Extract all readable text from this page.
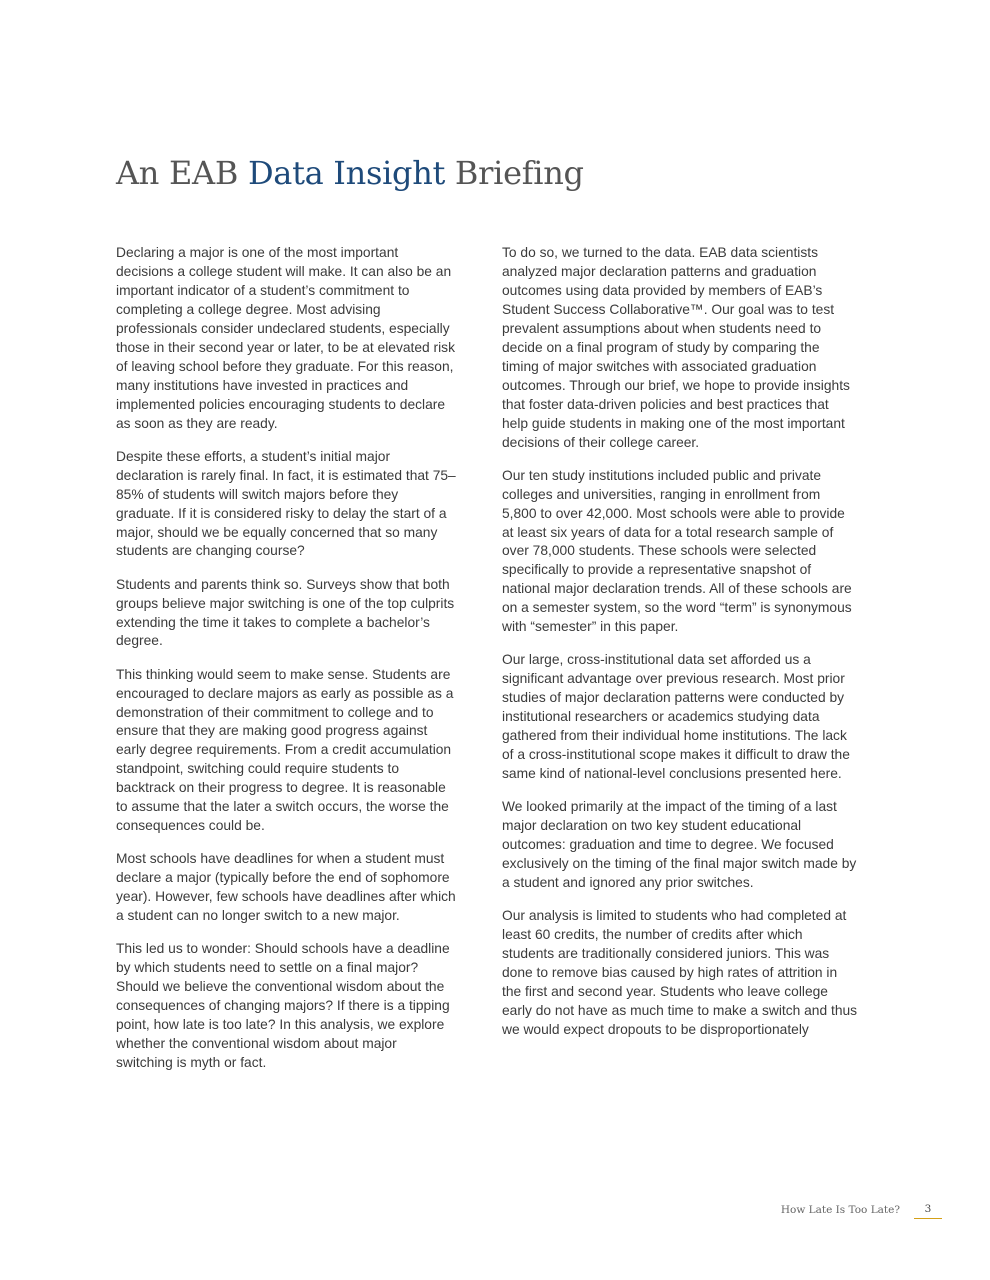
An EAB Data Insight Briefing

Declaring a major is one of the most important decisions a college student will make. It can also be an important indicator of a student’s commitment to completing a college degree. Most advising professionals consider undeclared students, especially those in their second year or later, to be at elevated risk of leaving school before they graduate. For this reason, many institutions have invested in practices and implemented policies encouraging students to declare as soon as they are ready.

Despite these efforts, a student’s initial major declaration is rarely final. In fact, it is estimated that 75–85% of students will switch majors before they graduate. If it is considered risky to delay the start of a major, should we be equally concerned that so many students are changing course?

Students and parents think so. Surveys show that both groups believe major switching is one of the top culprits extending the time it takes to complete a bachelor’s degree.

This thinking would seem to make sense. Students are encouraged to declare majors as early as possible as a demonstration of their commitment to college and to ensure that they are making good progress against early degree requirements. From a credit accumulation standpoint, switching could require students to backtrack on their progress to degree. It is reasonable to assume that the later a switch occurs, the worse the consequences could be.

Most schools have deadlines for when a student must declare a major (typically before the end of sophomore year). However, few schools have deadlines after which a student can no longer switch to a new major.

This led us to wonder: Should schools have a deadline by which students need to settle on a final major? Should we believe the conventional wisdom about the consequences of changing majors? If there is a tipping point, how late is too late? In this analysis, we explore whether the conventional wisdom about major switching is myth or fact.

To do so, we turned to the data. EAB data scientists analyzed major declaration patterns and graduation outcomes using data provided by members of EAB’s Student Success Collaborative™. Our goal was to test prevalent assumptions about when students need to decide on a final program of study by comparing the timing of major switches with associated graduation outcomes. Through our brief, we hope to provide insights that foster data-driven policies and best practices that help guide students in making one of the most important decisions of their college career.

Our ten study institutions included public and private colleges and universities, ranging in enrollment from 5,800 to over 42,000. Most schools were able to provide at least six years of data for a total research sample of over 78,000 students. These schools were selected specifically to provide a representative snapshot of national major declaration trends. All of these schools are on a semester system, so the word “term” is synonymous with “semester” in this paper.

Our large, cross-institutional data set afforded us a significant advantage over previous research. Most prior studies of major declaration patterns were conducted by institutional researchers or academics studying data gathered from their individual home institutions. The lack of a cross-institutional scope makes it difficult to draw the same kind of national-level conclusions presented here.

We looked primarily at the impact of the timing of a last major declaration on two key student educational outcomes: graduation and time to degree. We focused exclusively on the timing of the final major switch made by a student and ignored any prior switches.

Our analysis is limited to students who had completed at least 60 credits, the number of credits after which students are traditionally considered juniors. This was done to remove bias caused by high rates of attrition in the first and second year. Students who leave college early do not have as much time to make a switch and thus we would expect dropouts to be disproportionately

How Late Is Too Late?	3
